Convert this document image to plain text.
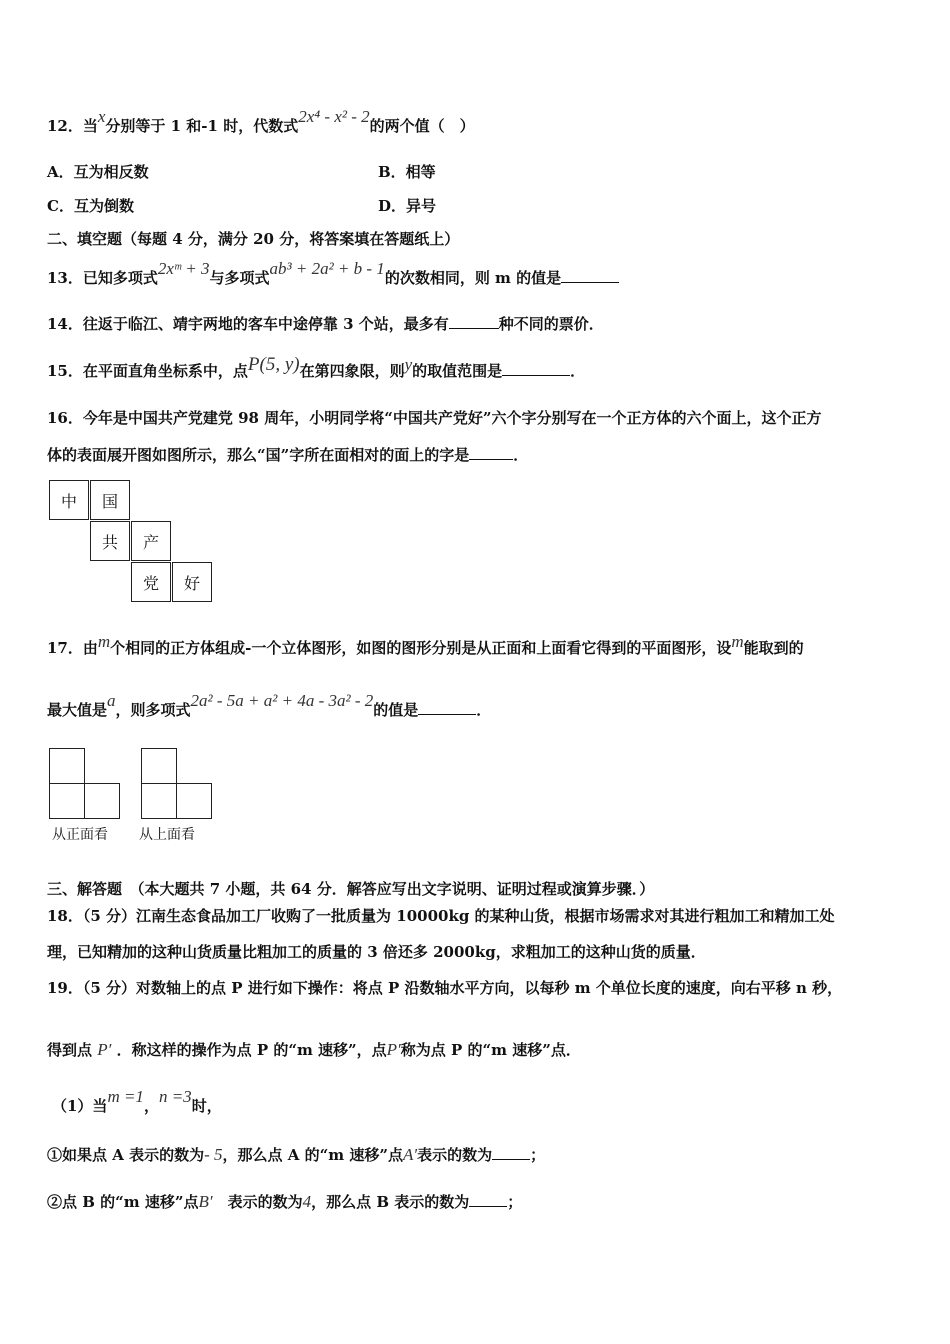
12．当x分别等于 1 和-1 时，代数式2x⁴ - x² - 2的两个值（　）
A．互为相反数	B．相等
C．互为倒数	D．异号
二、填空题（每题 4 分，满分 20 分，将答案填在答题纸上）
13．已知多项式2xᵐ + 3与多项式ab³ + 2a² + b - 1的次数相同，则 m 的值是
14．往返于临江、靖宇两地的客车中途停靠 3 个站，最多有	种不同的票价．
15．在平面直角坐标系中，点P(5, y)在第四象限，则y的取值范围是	．
16．今年是中国共产党建党 98 周年，小明同学将“中国共产党好”六个字分别写在一个正方体的六个面上，这个正方
体的表面展开图如图所示，那么“国”字所在面相对的面上的字是	．
中	国
共	产
党	好
17．由m个相同的正方体组成-一个立体图形，如图的图形分别是从正面和上面看它得到的平面图形，设m能取到的
最大值是a，则多项式2a² - 5a + a² + 4a - 3a² - 2的值是	．
从正面看 从上面看
三、解答题　（本大题共 7 小题，共 64 分．解答应写出文字说明、证明过程或演算步骤．）
18．（5 分）江南生态食品加工厂收购了一批质量为 10000kg 的某种山货，根据市场需求对其进行粗加工和精加工处
理，已知精加的这种山货质量比粗加工的质量的 3 倍还多 2000kg，求粗加工的这种山货的质量．
19．（5 分）对数轴上的点 P 进行如下操作：将点 P 沿数轴水平方向，以每秒 m 个单位长度的速度，向右平移 n 秒，
得到点 P′ ．称这样的操作为点 P 的“m 速移”，点P′称为点 P 的“m 速移”点．
（1）当m =1，n =3时，
①如果点 A 表示的数为- 5，那么点 A 的“m 速移”点A′表示的数为	；
②点 B 的“m 速移”点B′　 表示的数为4，那么点 B 表示的数为	；
